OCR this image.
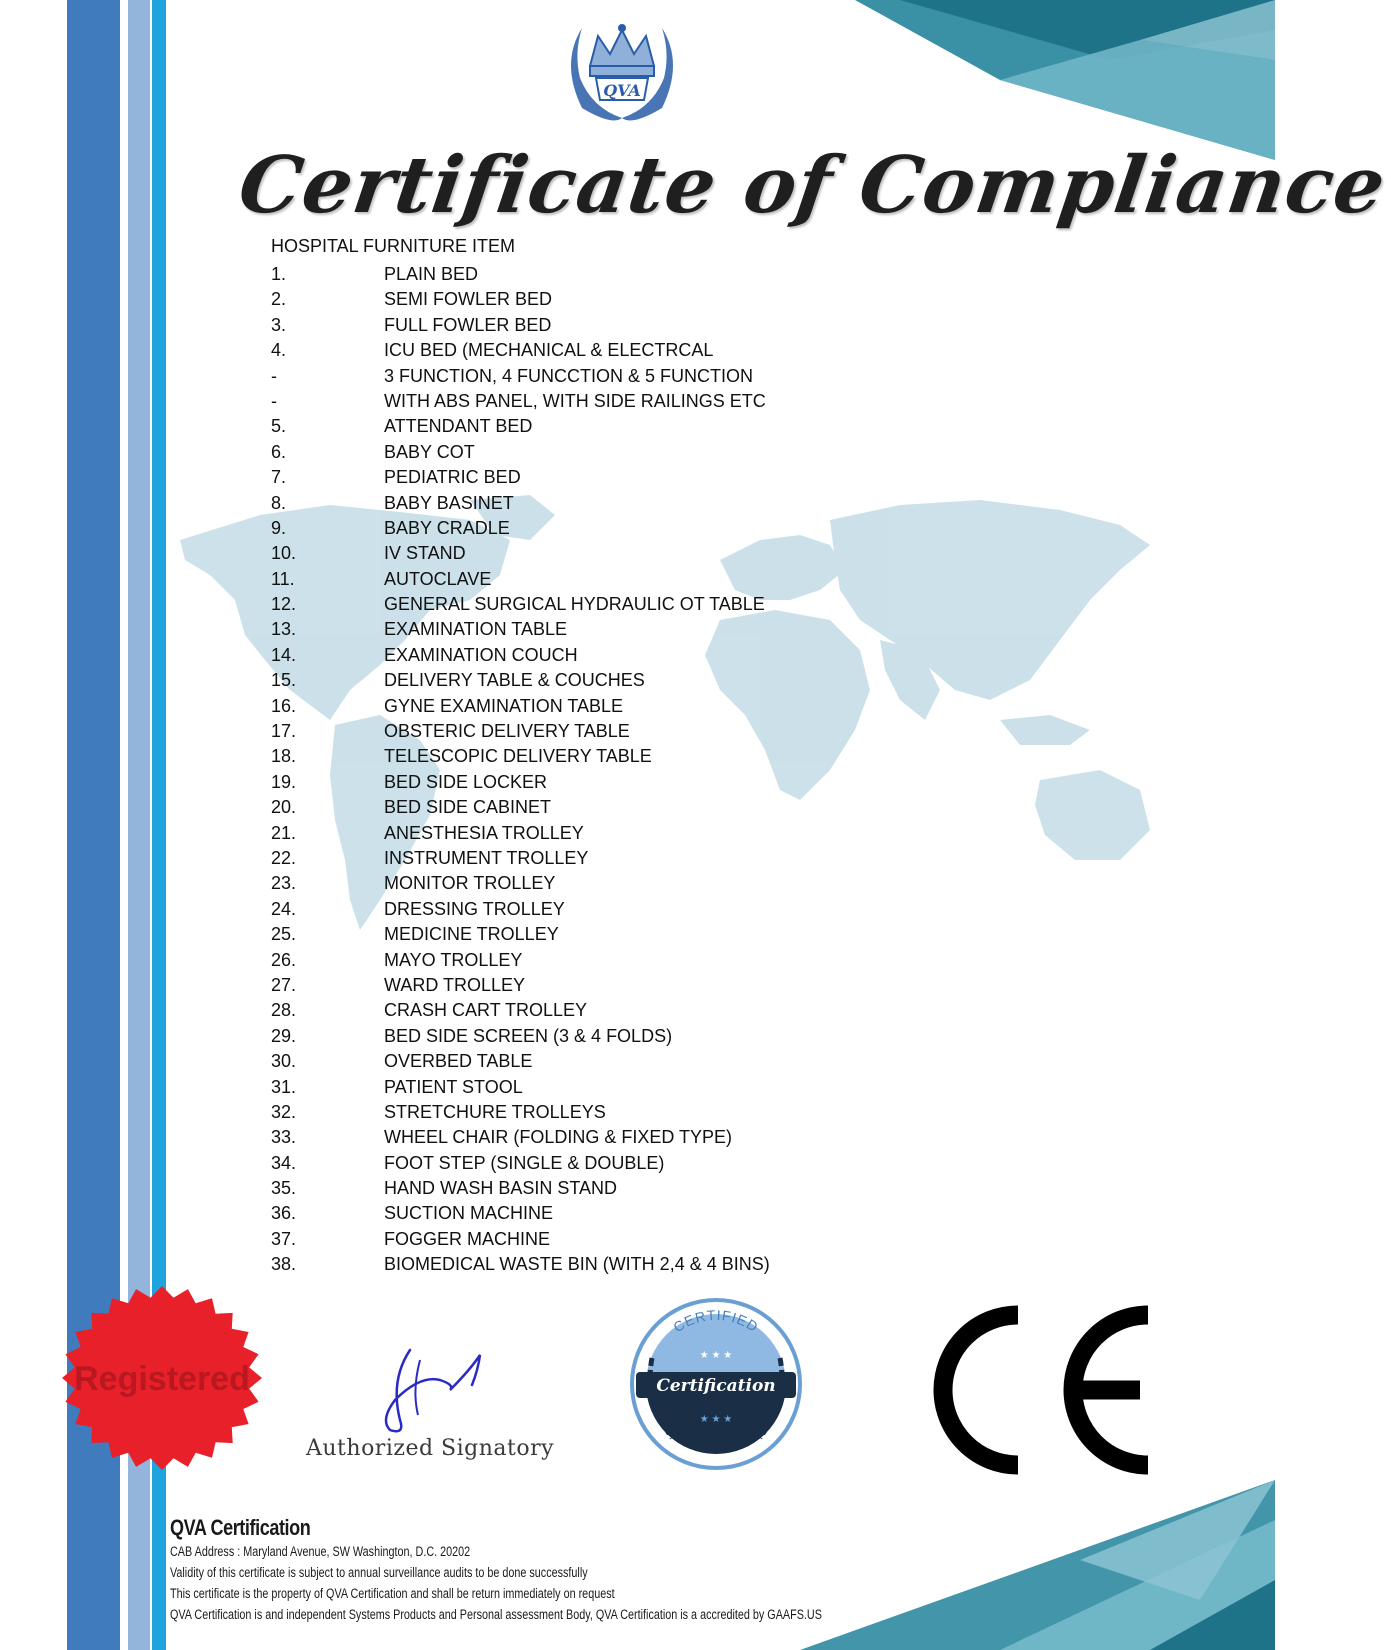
QVA
Certificate of Compliance
HOSPITAL FURNITURE ITEM
1.	PLAIN BED
2.	SEMI FOWLER BED
3.	FULL FOWLER BED
4.	ICU BED (MECHANICAL & ELECTRCAL
-	3 FUNCTION, 4 FUNCCTION & 5 FUNCTION
-	WITH ABS PANEL, WITH SIDE RAILINGS ETC
5.	ATTENDANT BED
6.	BABY COT
7.	PEDIATRIC BED
8.	BABY BASINET
9.	BABY CRADLE
10.	IV STAND
11.	AUTOCLAVE
12.	GENERAL SURGICAL HYDRAULIC OT TABLE
13.	EXAMINATION TABLE
14.	EXAMINATION COUCH
15.	DELIVERY TABLE & COUCHES
16.	GYNE EXAMINATION TABLE
17.	OBSTERIC DELIVERY TABLE
18.	TELESCOPIC DELIVERY TABLE
19.	BED SIDE LOCKER
20.	BED SIDE CABINET
21.	ANESTHESIA TROLLEY
22.	INSTRUMENT TROLLEY
23.	MONITOR TROLLEY
24.	DRESSING TROLLEY
25.	MEDICINE TROLLEY
26.	MAYO TROLLEY
27.	WARD TROLLEY
28.	CRASH CART TROLLEY
29.	BED SIDE SCREEN (3 & 4 FOLDS)
30.	OVERBED TABLE
31.	PATIENT STOOL
32.	STRETCHURE TROLLEYS
33.	WHEEL CHAIR (FOLDING & FIXED TYPE)
34.	FOOT STEP (SINGLE & DOUBLE)
35.	HAND WASH BASIN STAND
36.	SUCTION MACHINE
37.	FOGGER MACHINE
38.	BIOMEDICAL WASTE BIN (WITH 2,4 & 4 BINS)
Registered
Authorized Signatory
CERTIFIED
★ ★ ★
Certification
★ ★ ★
QVA Certification
CAB Address : Maryland Avenue, SW Washington, D.C. 20202
Validity of this certificate is subject to annual surveillance audits to be done successfully
This certificate is the property of QVA Certification and shall be return immediately on request
QVA Certification is and independent Systems Products and Personal assessment Body, QVA Certification is a accredited by GAAFS.US
